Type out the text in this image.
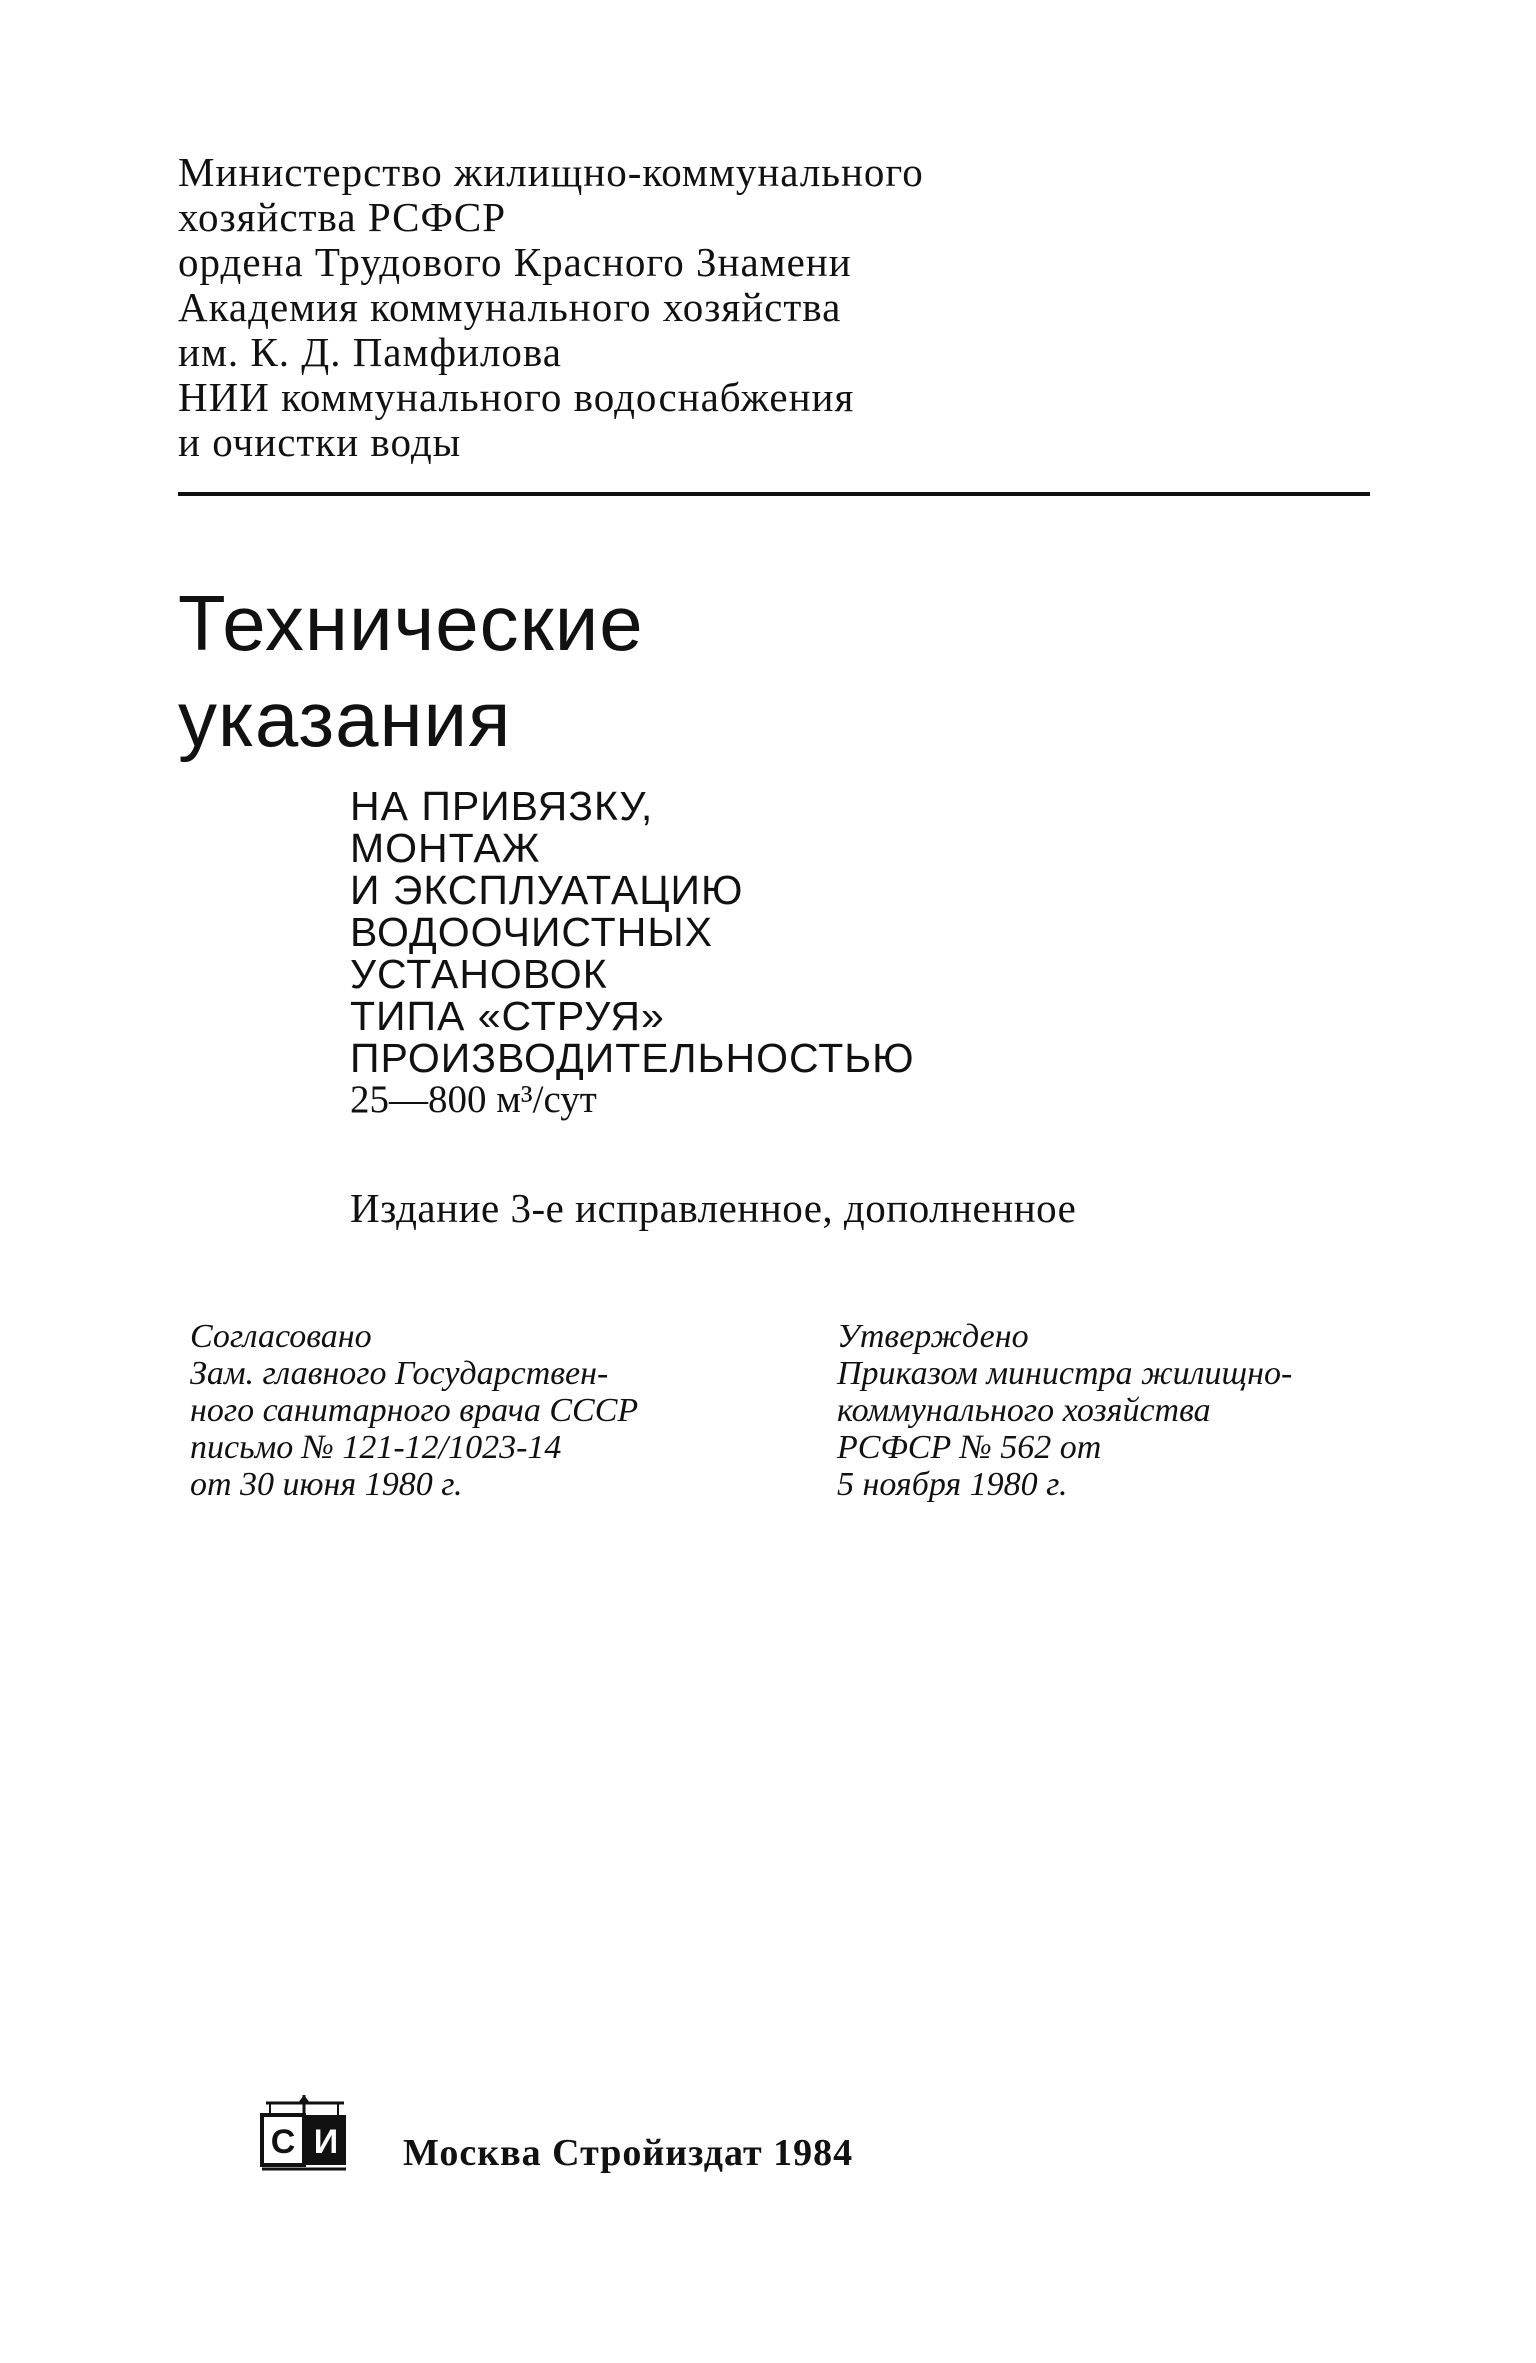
Министерство жилищно-коммунального
хозяйства РСФСР
ордена Трудового Красного Знамени
Академия коммунального хозяйства
им. К. Д. Памфилова
НИИ коммунального водоснабжения
и очистки воды
Технические
указания
НА ПРИВЯЗКУ,
МОНТАЖ
И ЭКСПЛУАТАЦИЮ
ВОДООЧИСТНЫХ
УСТАНОВОК
ТИПА «СТРУЯ»
ПРОИЗВОДИТЕЛЬНОСТЬЮ
25—800 м³/сут
Издание 3-е исправленное, дополненное
Согласовано
Зам. главного Государствен-
ного санитарного врача СССР
письмо № 121-12/1023-14
от 30 июня 1980 г.
Утверждено
Приказом министра жилищно-
коммунального хозяйства
РСФСР № 562 от
5 ноября 1980 г.
С И Москва Стройиздат 1984
